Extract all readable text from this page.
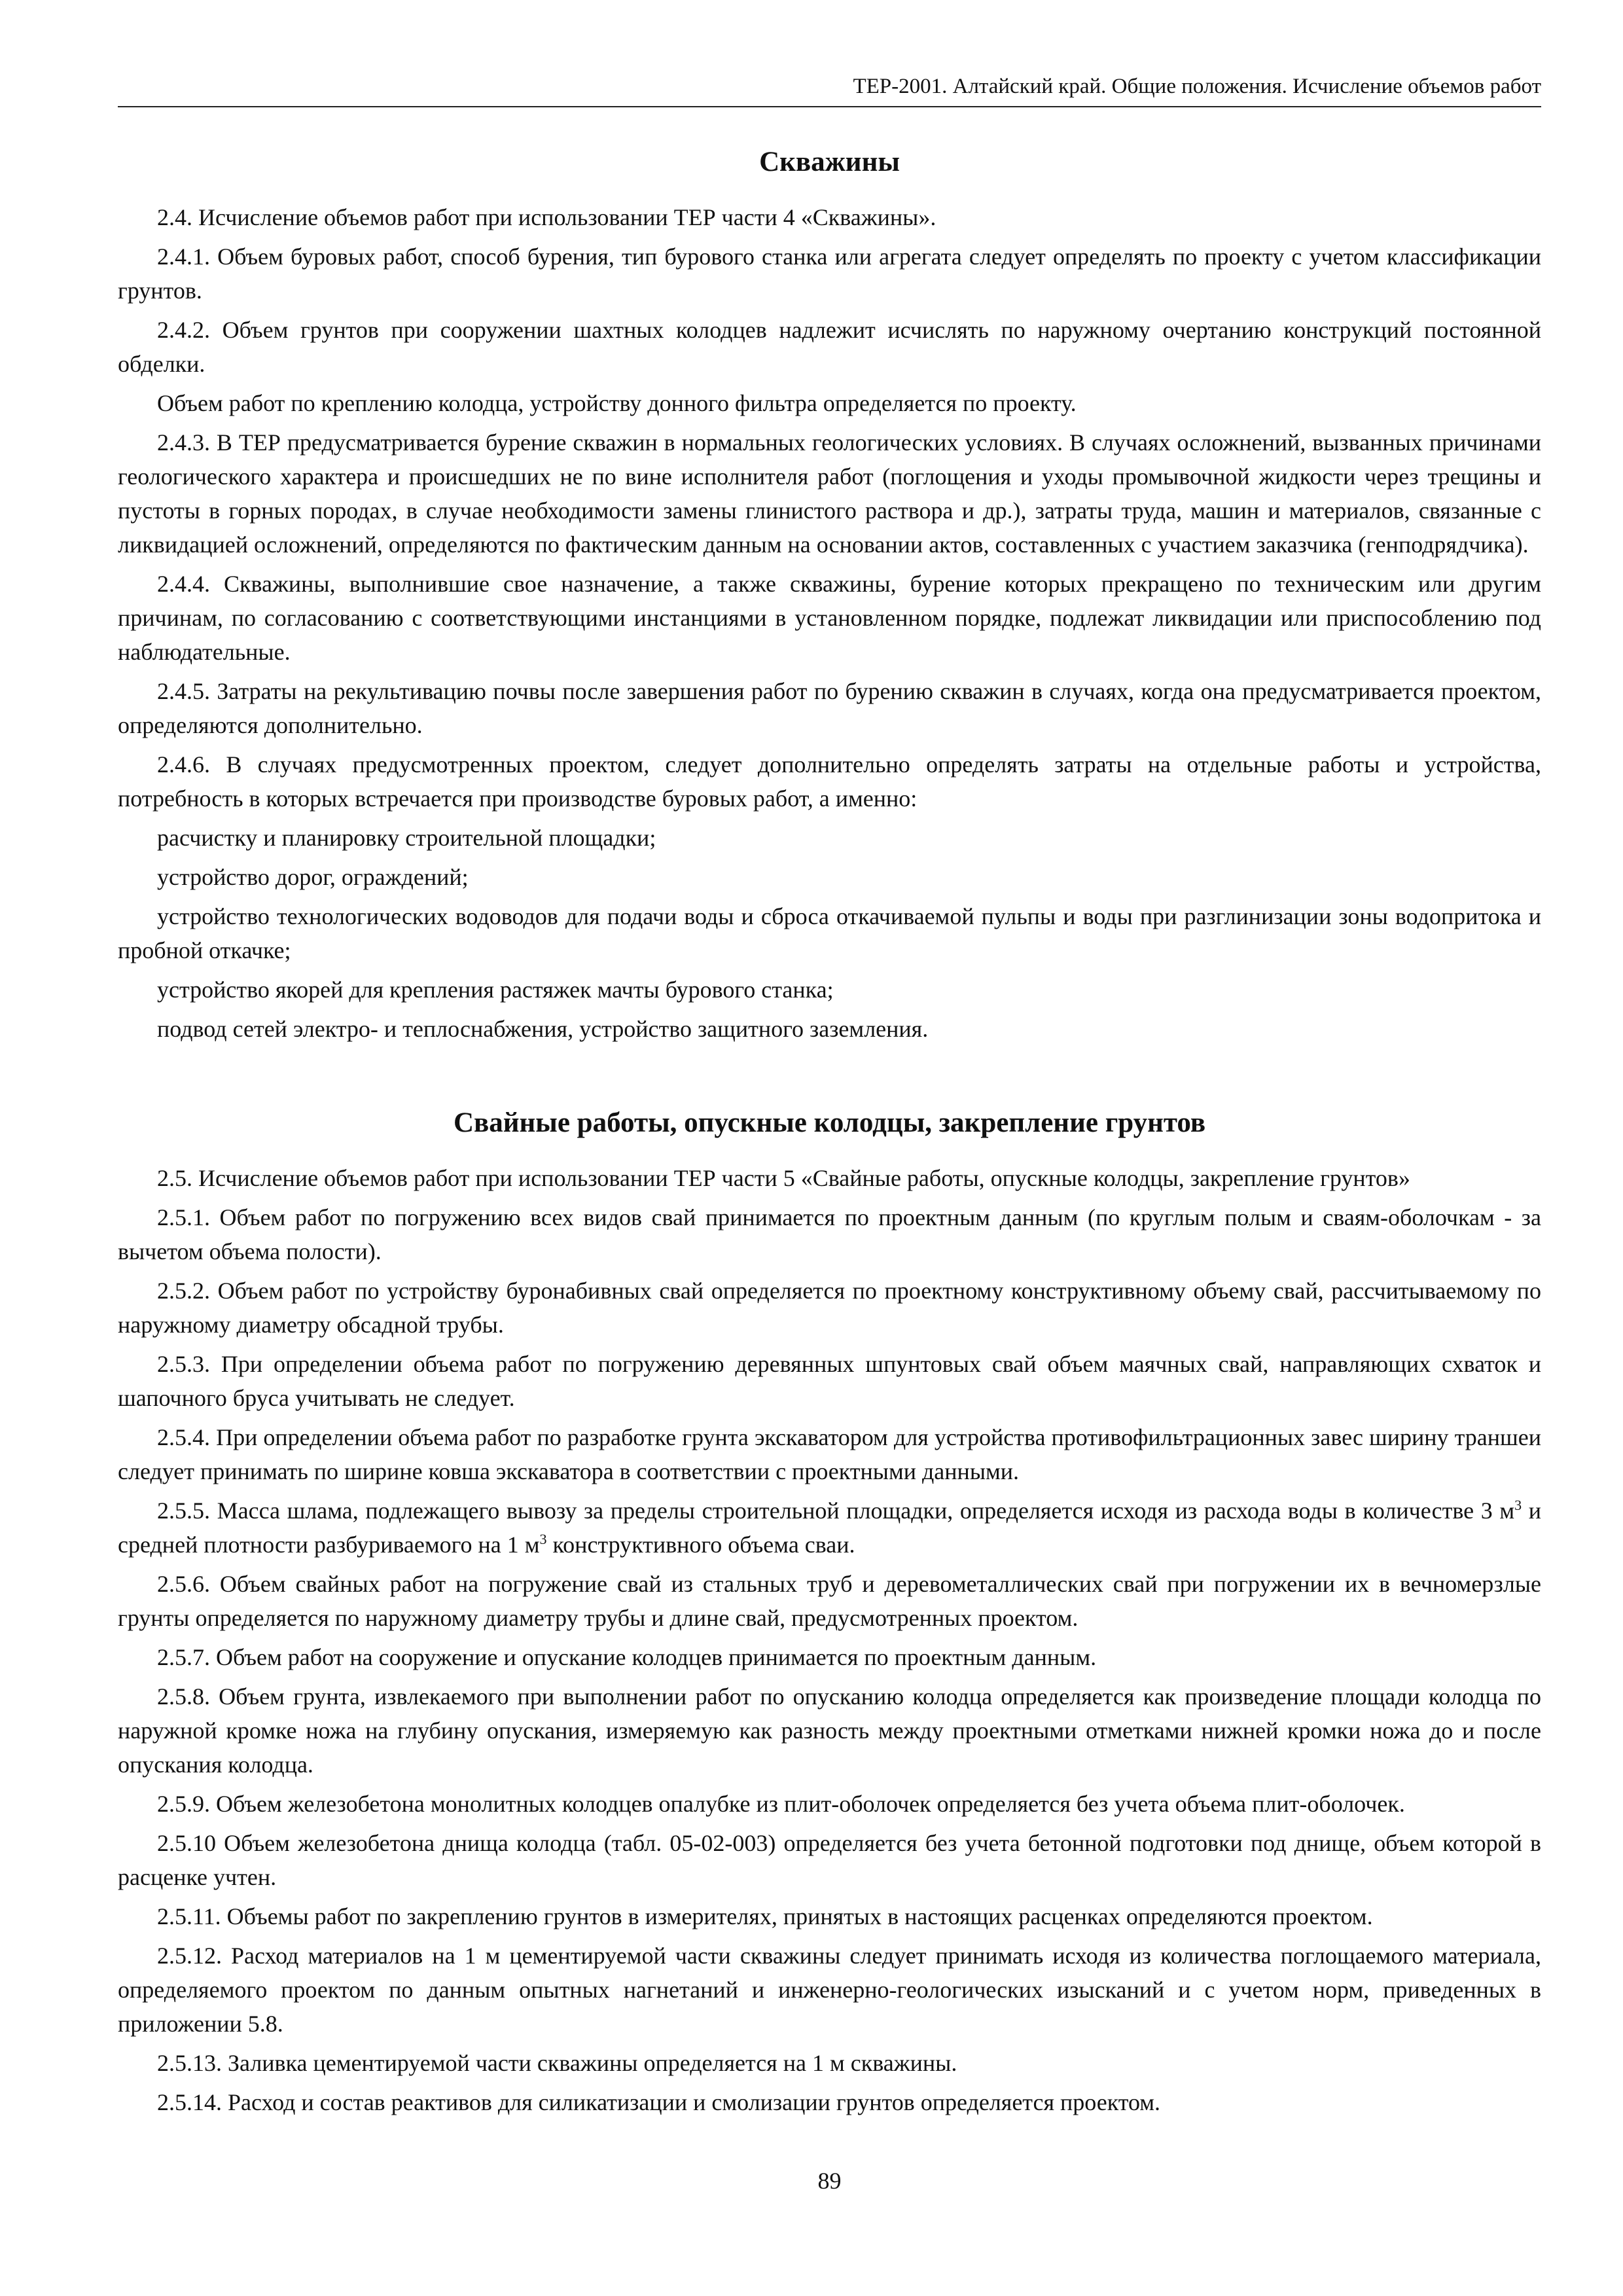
ТЕР-2001. Алтайский край. Общие положения. Исчисление объемов работ
Скважины

2.4. Исчисление объемов работ при использовании ТЕР части 4 «Скважины».

2.4.1. Объем буровых работ, способ бурения, тип бурового станка или агрегата следует определять по проекту с учетом классификации грунтов.

2.4.2. Объем грунтов при сооружении шахтных колодцев надлежит исчислять по наружному очертанию конструкций постоянной обделки.

Объем работ по креплению колодца, устройству донного фильтра определяется по проекту.

2.4.3. В ТЕР предусматривается бурение скважин в нормальных геологических условиях. В случаях осложнений, вызванных причинами геологического характера и происшедших не по вине исполнителя работ (поглощения и уходы промывочной жидкости через трещины и пустоты в горных породах, в случае необходимости замены глинистого раствора и др.), затраты труда, машин и материалов, связанные с ликвидацией осложнений, определяются по фактическим данным на основании актов, составленных с участием заказчика (генподрядчика).

2.4.4. Скважины, выполнившие свое назначение, а также скважины, бурение которых прекращено по техническим или другим причинам, по согласованию с соответствующими инстанциями в установленном порядке, подлежат ликвидации или приспособлению под наблюдательные.

2.4.5. Затраты на рекультивацию почвы после завершения работ по бурению скважин в случаях, когда она предусматривается проектом, определяются дополнительно.

2.4.6. В случаях предусмотренных проектом, следует дополнительно определять затраты на отдельные работы и устройства, потребность в которых встречается при производстве буровых работ, а именно:

расчистку и планировку строительной площадки;

устройство дорог, ограждений;

устройство технологических водоводов для подачи воды и сброса откачиваемой пульпы и воды при разглинизации зоны водопритока и пробной откачке;

устройство якорей для крепления растяжек мачты бурового станка;

подвод сетей электро- и теплоснабжения, устройство защитного заземления.

Свайные работы, опускные колодцы, закрепление грунтов

2.5. Исчисление объемов работ при использовании ТЕР части 5 «Свайные работы, опускные колодцы, закрепление грунтов»

2.5.1. Объем работ по погружению всех видов свай принимается по проектным данным (по круглым полым и сваям-оболочкам - за вычетом объема полости).

2.5.2. Объем работ по устройству буронабивных свай определяется по проектному конструктивному объему свай, рассчитываемому по наружному диаметру обсадной трубы.

2.5.3. При определении объема работ по погружению деревянных шпунтовых свай объем маячных свай, направляющих схваток и шапочного бруса учитывать не следует.

2.5.4. При определении объема работ по разработке грунта экскаватором для устройства противофильтрационных завес ширину траншеи следует принимать по ширине ковша экскаватора в соответствии с проектными данными.

2.5.5. Масса шлама, подлежащего вывозу за пределы строительной площадки, определяется исходя из расхода воды в количестве 3 $м^3$ и средней плотности разбуриваемого на 1 $м^3$ конструктивного объема сваи.

2.5.6. Объем свайных работ на погружение свай из стальных труб и деревометаллических свай при погружении их в вечномерзлые грунты определяется по наружному диаметру трубы и длине свай, предусмотренных проектом.

2.5.7. Объем работ на сооружение и опускание колодцев принимается по проектным данным.

2.5.8. Объем грунта, извлекаемого при выполнении работ по опусканию колодца определяется как произведение площади колодца по наружной кромке ножа на глубину опускания, измеряемую как разность между проектными отметками нижней кромки ножа до и после опускания колодца.

2.5.9. Объем железобетона монолитных колодцев опалубке из плит-оболочек определяется без учета объема плит-оболочек.

2.5.10 Объем железобетона днища колодца (табл. 05-02-003) определяется без учета бетонной подготовки под днище, объем которой в расценке учтен.

2.5.11. Объемы работ по закреплению грунтов в измерителях, принятых в настоящих расценках определяются проектом.

2.5.12. Расход материалов на 1 м цементируемой части скважины следует принимать исходя из количества поглощаемого материала, определяемого проектом по данным опытных нагнетаний и инженерно-геологических изысканий и с учетом норм, приведенных в приложении 5.8.

2.5.13. Заливка цементируемой части скважины определяется на 1 м скважины.

2.5.14. Расход и состав реактивов для силикатизации и смолизации грунтов определяется проектом.

89
